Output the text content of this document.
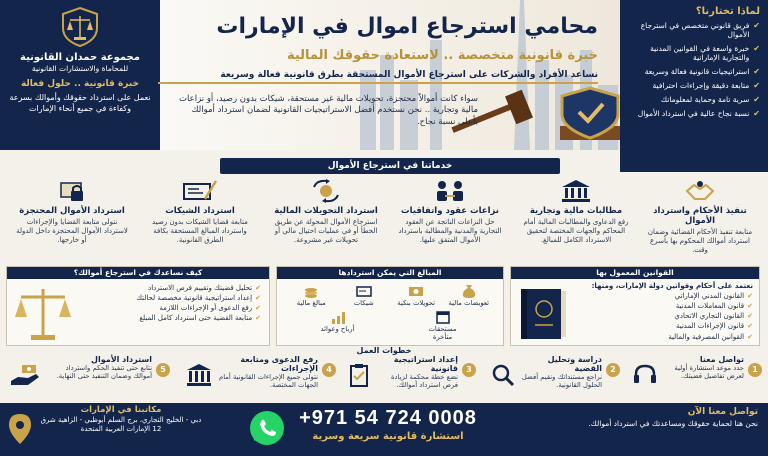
مجموعة حمدان القانونية
للمحاماة والاستشارات القانونية
خبرة قانونية .. حلول فعالة
نعمل على استرداد حقوقك وأموالك بسرعة وكفاءة في جميع أنحاء الإمارات
لماذا تختارنا؟
✔
فريق قانوني متخصص في استرجاع الأموال
✔
خبرة واسعة في القوانين المدنية والتجارية الإماراتية
✔
استراتيجيات قانونية فعالة وسريعة
✔
متابعة دقيقة وإجراءات احترافية
✔
سرية تامة وحماية لمعلوماتك
✔
نسبة نجاح عالية في استرداد الأموال
محامي استرجاع اموال في الإمارات
خبرة قانونية متخصصة .. لاستعادة حقوقك المالية
نساعد الأفراد والشركات على استرجاع الأموال المستحقة بطرق قانونية فعالة وسريعة
سواء كانت أموالاً محتجزة، تحويلات مالية غير مستحقة، شيكات بدون رصيد، أو نزاعات مالية وتجارية .. نحن نستخدم أفضل الاستراتيجيات القانونية لضمان استرداد أموالك بأعلى نسبة نجاح.
خدماتنا في استرجاع الأموال
تنفيذ الأحكام واسترداد الأموال

متابعة تنفيذ الأحكام القضائية وضمان استرداد أموالك المحكوم بها بأسرع وقت.

مطالبات مالية وتجارية

رفع الدعاوى والمطالبات المالية أمام المحاكم والجهات المختصة لتحقيق الاسترداد الكامل للمبالغ.

نزاعات عقود واتفاقيات

حل النزاعات الناتجة عن العقود التجارية والمدنية والمطالبة باسترداد الأموال المتفق عليها.

استرداد التحويلات المالية

استرجاع الأموال المحولة عن طريق الخطأ أو في عمليات احتيال مالي أو تحويلات غير مشروعة.

استرداد الشيكات

متابعة قضايا الشيكات بدون رصيد واسترداد المبالغ المستحقة بكافة الطرق القانونية.

استرداد الأموال المحتجزة

نتولى متابعة القضايا والإجراءات لاسترداد الأموال المحتجزة داخل الدولة أو خارجها.

القوانين المعمول بها
نعتمد على أحكام وقوانين دولة الإمارات، ومنها:
✔
القانون المدني الإماراتي
✔
قانون المعاملات المدنية
✔
القانون التجاري الاتحادي
✔
قانون الإجراءات المدنية
✔
القوانين المصرفية والمالية
المبالغ التي يمكن استردادها
تعويضات مالية
تحويلات بنكية
شيكات
مبالغ مالية
مستحقات متأخرة
أرباح وعوائد
كيف نساعدك في استرجاع أموالك؟
✔
تحليل قضيتك وتقييم فرص الاسترداد
✔
إعداد استراتيجية قانونية مخصصة لحالتك
✔
رفع الدعوى أو الإجراءات اللازمة
✔
متابعة القضية حتى استرداد كامل المبلغ
خطوات العمل
1
تواصل معنا

حدد موعد استشارة أولية لعرض تفاصيل قضيتك.

2
دراسة وتحليل القضية

نراجع مستنداتك ونقيم أفضل الحلول القانونية.

3
إعداد استراتيجية قانونية

نضع خطة محكمة لزيادة فرص استرداد أموالك.

4
رفع الدعوى ومتابعة الإجراءات

نتولى جميع الإجراءات القانونية أمام الجهات المختصة.

5
استرداد الأموال

نتابع حتى تنفيذ الحكم واسترداد أموالك وضمان التنفيذ حتى النهاية.

تواصل معنا الآن
نحن هنا لحماية حقوقك ومساعدتك في استرداد أموالك.
+971 54 724 0008
استشارة قانونية سريعة وسرية
مكاتبنا في الإمارات
دبي - الخليج التجاري، برج السلم أبوظبي - الزاهية شرق 12 الإمارات العربية المتحدة
